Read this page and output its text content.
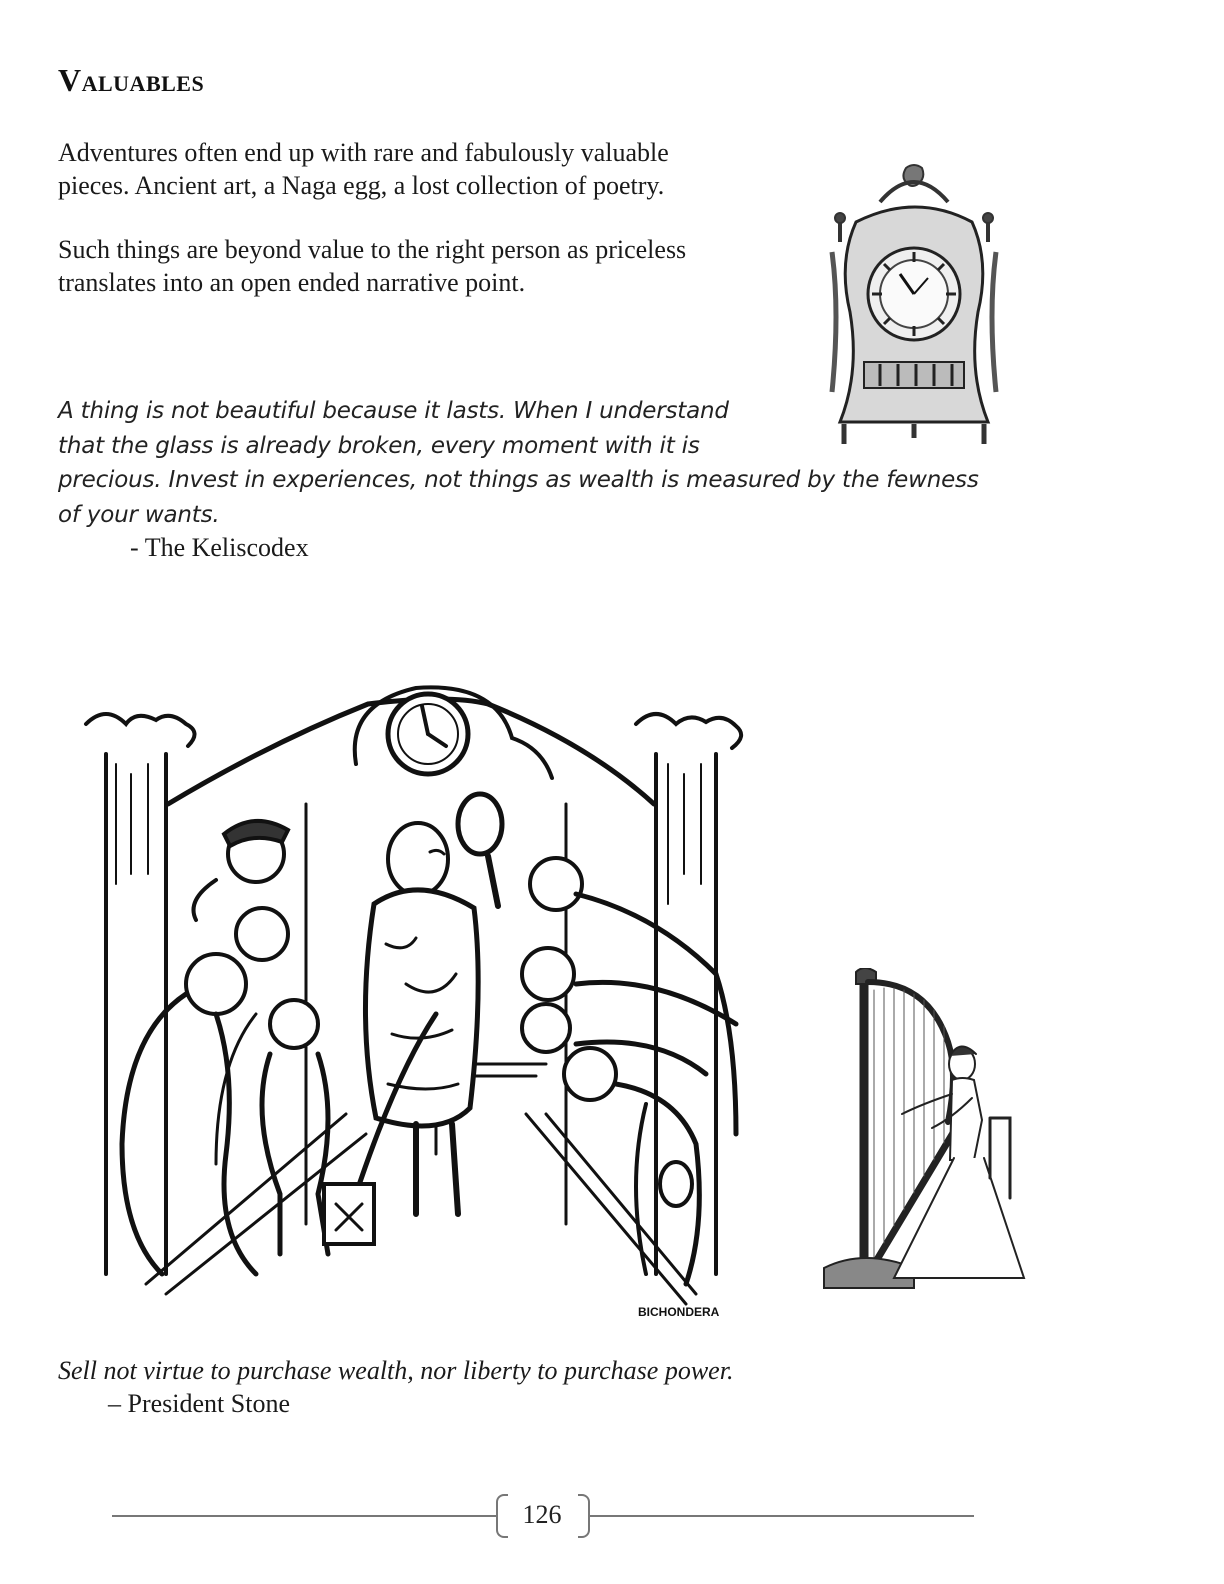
Valuables

Adventures often end up with rare and fabulously valuable
pieces. Ancient art, a Naga egg, a lost collection of poetry.

Such things are beyond value to the right person as priceless
translates into an open ended narrative point.

A thing is not beautiful because it lasts. When I understand
that the glass is already broken, every moment with it is
precious. Invest in experiences, not things as wealth is measured by the fewness
of your wants.
- The Keliscodex
BICHONDERA
Sell not virtue to purchase wealth, nor liberty to purchase power.
– President Stone
126
